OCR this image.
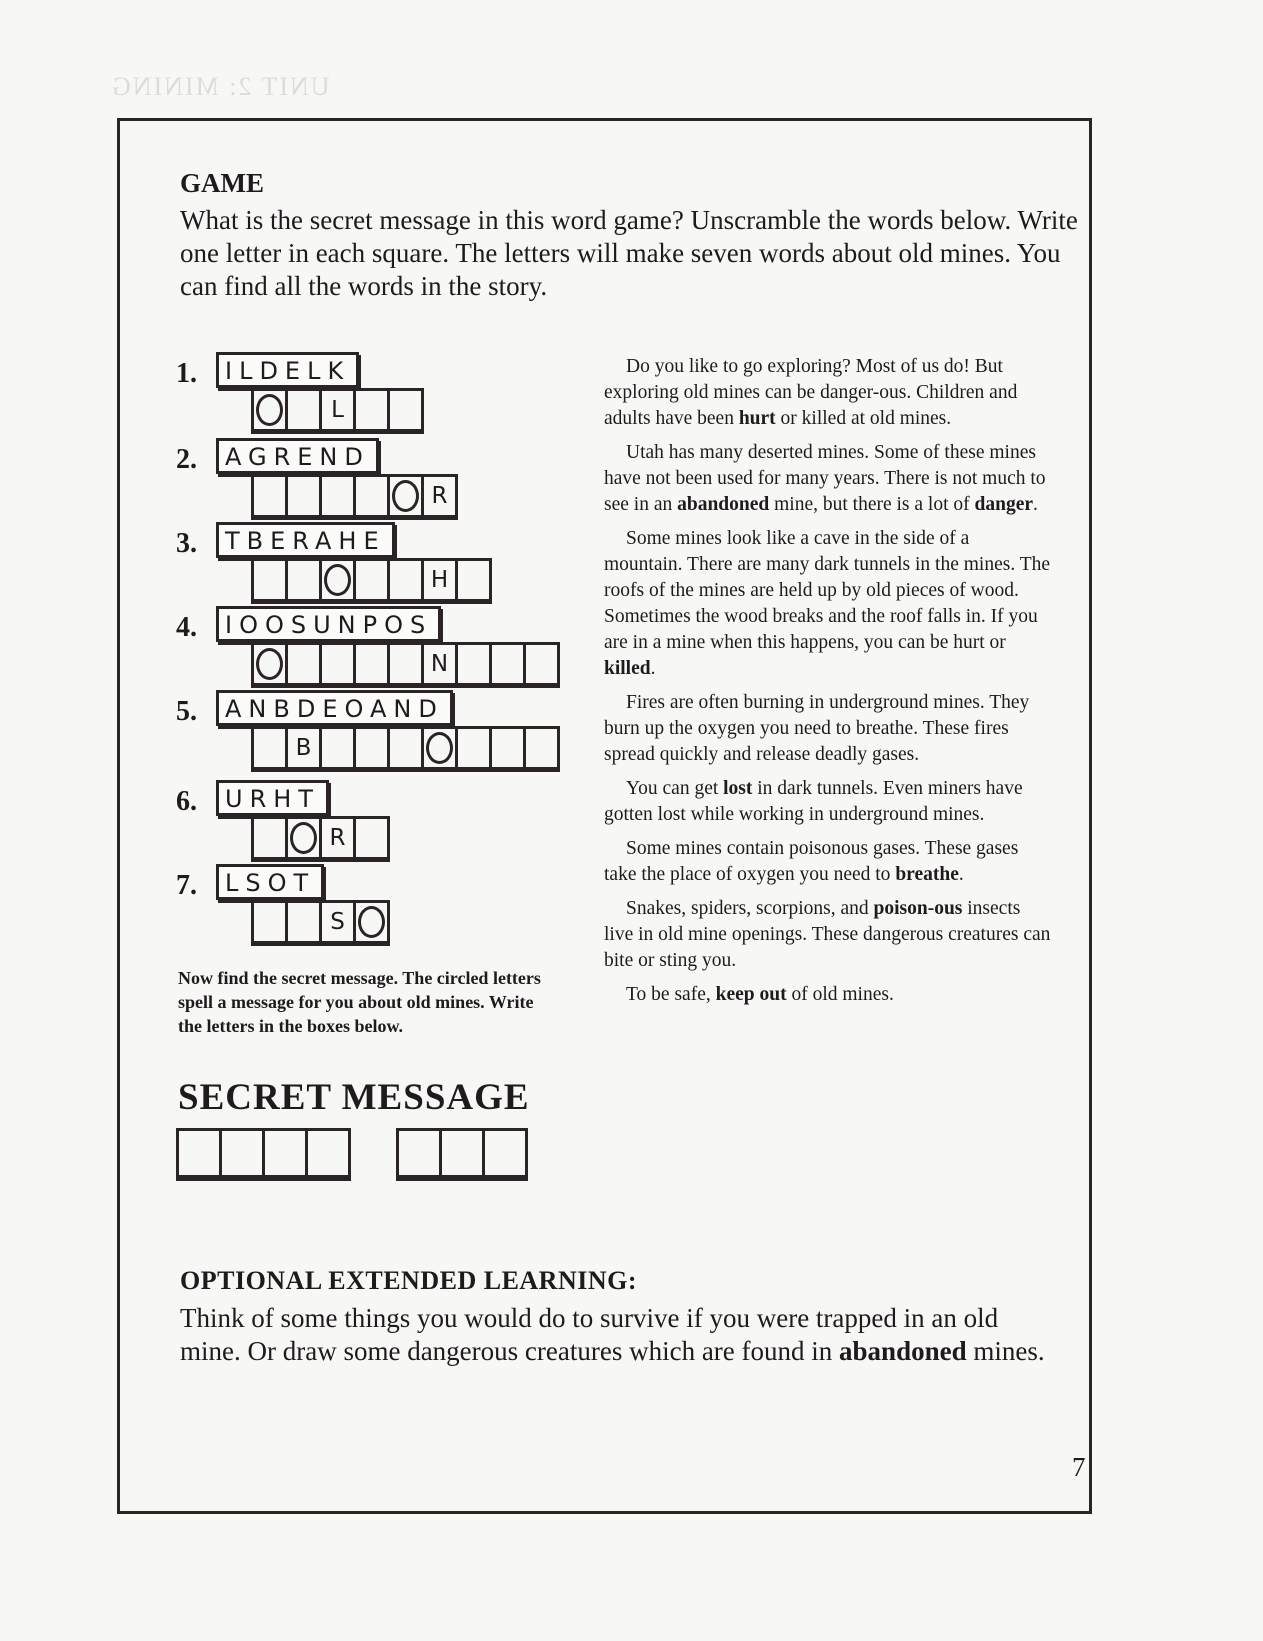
UNIT 2: MINING
GAME

What is the secret message in this word game? Unscramble the words below. Write one letter in each square. The letters will make seven words about old mines. You can find all the words in the story.

1.	ILDELK
L
2.	AGREND
R
3.	TBERAHE
H
4.	IOOSUNPOS
N
5.	ANBDEOAND
B
6.	URHT
R
7.	LSOT
S
Now find the secret message. The circled letters spell a message for you about old mines. Write the letters in the boxes below.
SECRET MESSAGE

Do you like to go exploring? Most of us do! But exploring old mines can be danger-ous. Children and adults have been hurt or killed at old mines.

Utah has many deserted mines. Some of these mines have not been used for many years. There is not much to see in an abandoned mine, but there is a lot of danger.

Some mines look like a cave in the side of a mountain. There are many dark tunnels in the mines. The roofs of the mines are held up by old pieces of wood. Sometimes the wood breaks and the roof falls in. If you are in a mine when this happens, you can be hurt or killed.

Fires are often burning in underground mines. They burn up the oxygen you need to breathe. These fires spread quickly and release deadly gases.

You can get lost in dark tunnels. Even miners have gotten lost while working in underground mines.

Some mines contain poisonous gases. These gases take the place of oxygen you need to breathe.

Snakes, spiders, scorpions, and poison-ous insects live in old mine openings. These dangerous creatures can bite or sting you.

To be safe, keep out of old mines.

OPTIONAL EXTENDED LEARNING:
Think of some things you would do to survive if you were trapped in an old mine. Or draw some dangerous creatures which are found in abandoned mines.
7
